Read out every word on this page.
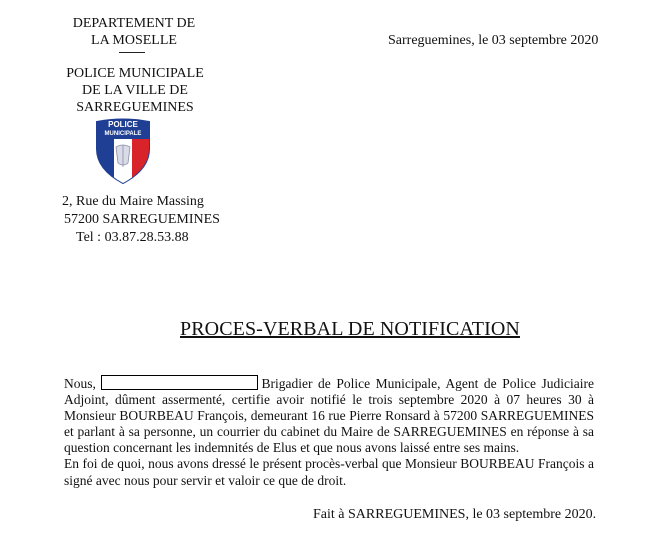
DEPARTEMENT DE
LA MOSELLE	Sarreguemines, le 03 septembre 2020
POLICE MUNICIPALE
DE LA VILLE DE
SARREGUEMINES
POLICE
MUNICIPALE
2, Rue du Maire Massing
57200 SARREGUEMINES
Tel : 03.87.28.53.88
PROCES-VERBAL DE NOTIFICATION
Nous,	Brigadier de Police Municipale, Agent de Police Judiciaire Adjoint, dûment assermenté, certifie avoir notifié le trois septembre 2020 à 07 heures 30 à Monsieur BOURBEAU François, demeurant 16 rue Pierre Ronsard à 57200 SARREGUEMINES et parlant à sa personne, un courrier du cabinet du Maire de SARREGUEMINES en réponse à sa question concernant les indemnités de Elus et que nous avons laissé entre ses mains.
En foi de quoi, nous avons dressé le présent procès-verbal que Monsieur BOURBEAU François a signé avec nous pour servir et valoir ce que de droit.
Fait à SARREGUEMINES, le 03 septembre 2020.
